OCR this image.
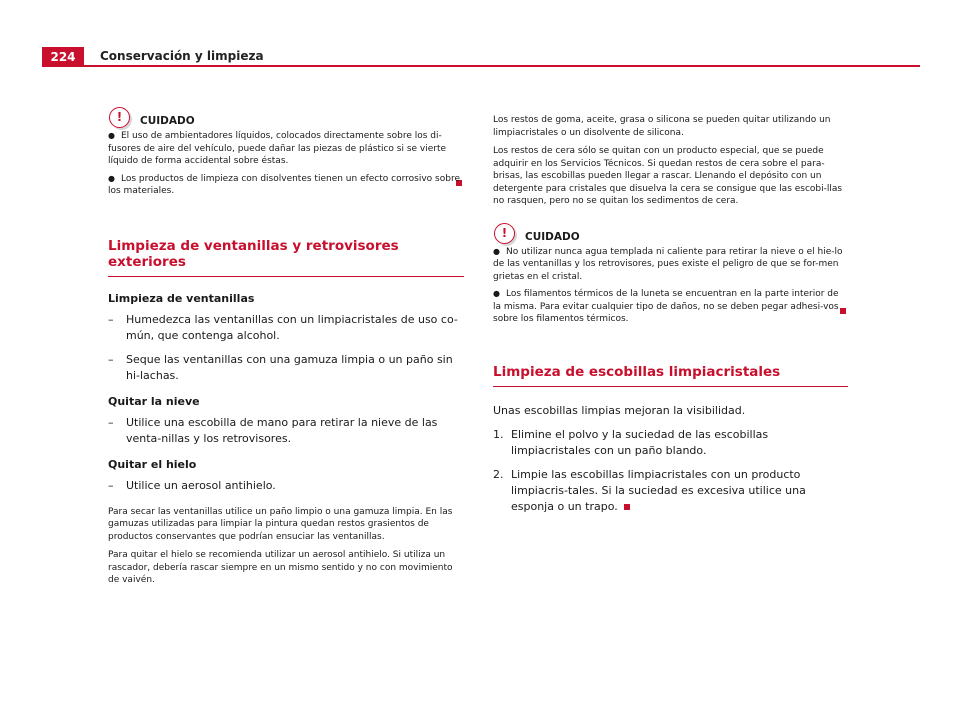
224	Conservación y limpieza
!	CUIDADO

● El uso de ambientadores líquidos, colocados directamente sobre los di-fusores de aire del vehículo, puede dañar las piezas de plástico si se vierte líquido de forma accidental sobre éstas.

● Los productos de limpieza con disolventes tienen un efecto corrosivo sobre los materiales.

Limpieza de ventanillas y retrovisores exteriores

Limpieza de ventanillas

–	Humedezca las ventanillas con un limpiacristales de uso co-mún, que contenga alcohol.
–	Seque las ventanillas con una gamuza limpia o un paño sin hi-lachas.

Quitar la nieve

–	Utilice una escobilla de mano para retirar la nieve de las venta-nillas y los retrovisores.

Quitar el hielo

–	Utilice un aerosol antihielo.

Para secar las ventanillas utilice un paño limpio o una gamuza limpia. En las gamuzas utilizadas para limpiar la pintura quedan restos grasientos de productos conservantes que podrían ensuciar las ventanillas.

Para quitar el hielo se recomienda utilizar un aerosol antihielo. Si utiliza un rascador, debería rascar siempre en un mismo sentido y no con movimiento de vaivén.

Los restos de goma, aceite, grasa o silicona se pueden quitar utilizando un limpiacristales o un disolvente de silicona.

Los restos de cera sólo se quitan con un producto especial, que se puede adquirir en los Servicios Técnicos. Si quedan restos de cera sobre el para-brisas, las escobillas pueden llegar a rascar. Llenando el depósito con un detergente para cristales que disuelva la cera se consigue que las escobi-llas no rasquen, pero no se quitan los sedimentos de cera.

!	CUIDADO

● No utilizar nunca agua templada ni caliente para retirar la nieve o el hie-lo de las ventanillas y los retrovisores, pues existe el peligro de que se for-men grietas en el cristal.

● Los filamentos térmicos de la luneta se encuentran en la parte interior de la misma. Para evitar cualquier tipo de daños, no se deben pegar adhesi-vos sobre los filamentos térmicos.

Limpieza de escobillas limpiacristales

Unas escobillas limpias mejoran la visibilidad.

1. Elimine el polvo y la suciedad de las escobillas limpiacristales con un paño blando.
2. Limpie las escobillas limpiacristales con un producto limpiacris-tales. Si la suciedad es excesiva utilice una esponja o un trapo.
